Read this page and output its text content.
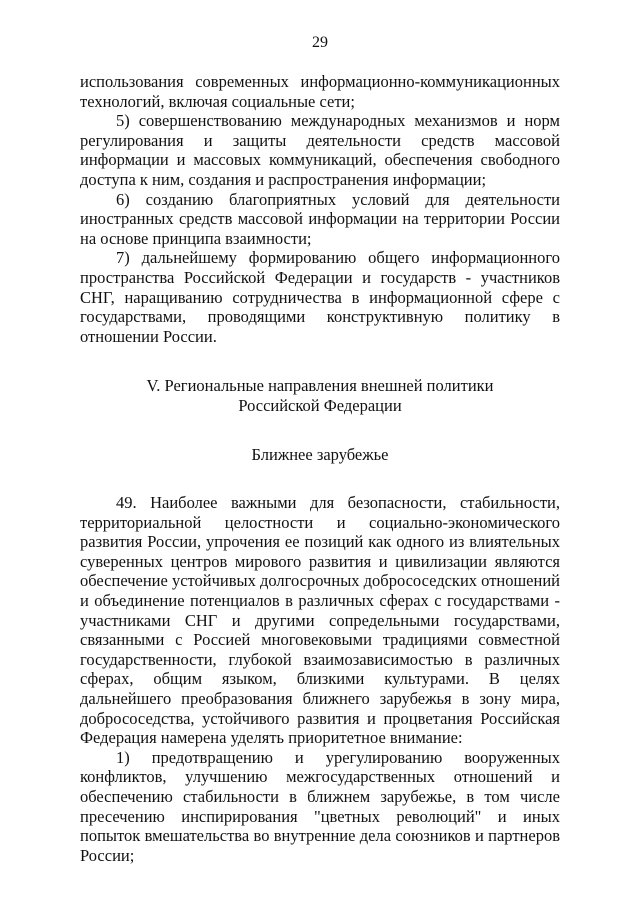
29

использования современных информационно-коммуникационных технологий, включая социальные сети;

5) совершенствованию международных механизмов и норм регулирования и защиты деятельности средств массовой информации и массовых коммуникаций, обеспечения свободного доступа к ним, создания и распространения информации;

6) созданию благоприятных условий для деятельности иностранных средств массовой информации на территории России на основе принципа взаимности;

7) дальнейшему формированию общего информационного пространства Российской Федерации и государств - участников СНГ, наращиванию сотрудничества в информационной сфере с государствами, проводящими конструктивную политику в отношении России.

V. Региональные направления внешней политики

Российской Федерации

Ближнее зарубежье

49. Наиболее важными для безопасности, стабильности, территориальной целостности и социально-экономического развития России, упрочения ее позиций как одного из влиятельных суверенных центров мирового развития и цивилизации являются обеспечение устойчивых долгосрочных добрососедских отношений и объединение потенциалов в различных сферах с государствами - участниками СНГ и другими сопредельными государствами, связанными с Россией многовековыми традициями совместной государственности, глубокой взаимозависимостью в различных сферах, общим языком, близкими культурами. В целях дальнейшего преобразования ближнего зарубежья в зону мира, добрососедства, устойчивого развития и процветания Российская Федерация намерена уделять приоритетное внимание:

1) предотвращению и урегулированию вооруженных конфликтов, улучшению межгосударственных отношений и обеспечению стабильности в ближнем зарубежье, в том числе пресечению инспирирования "цветных революций" и иных попыток вмешательства во внутренние дела союзников и партнеров России;
